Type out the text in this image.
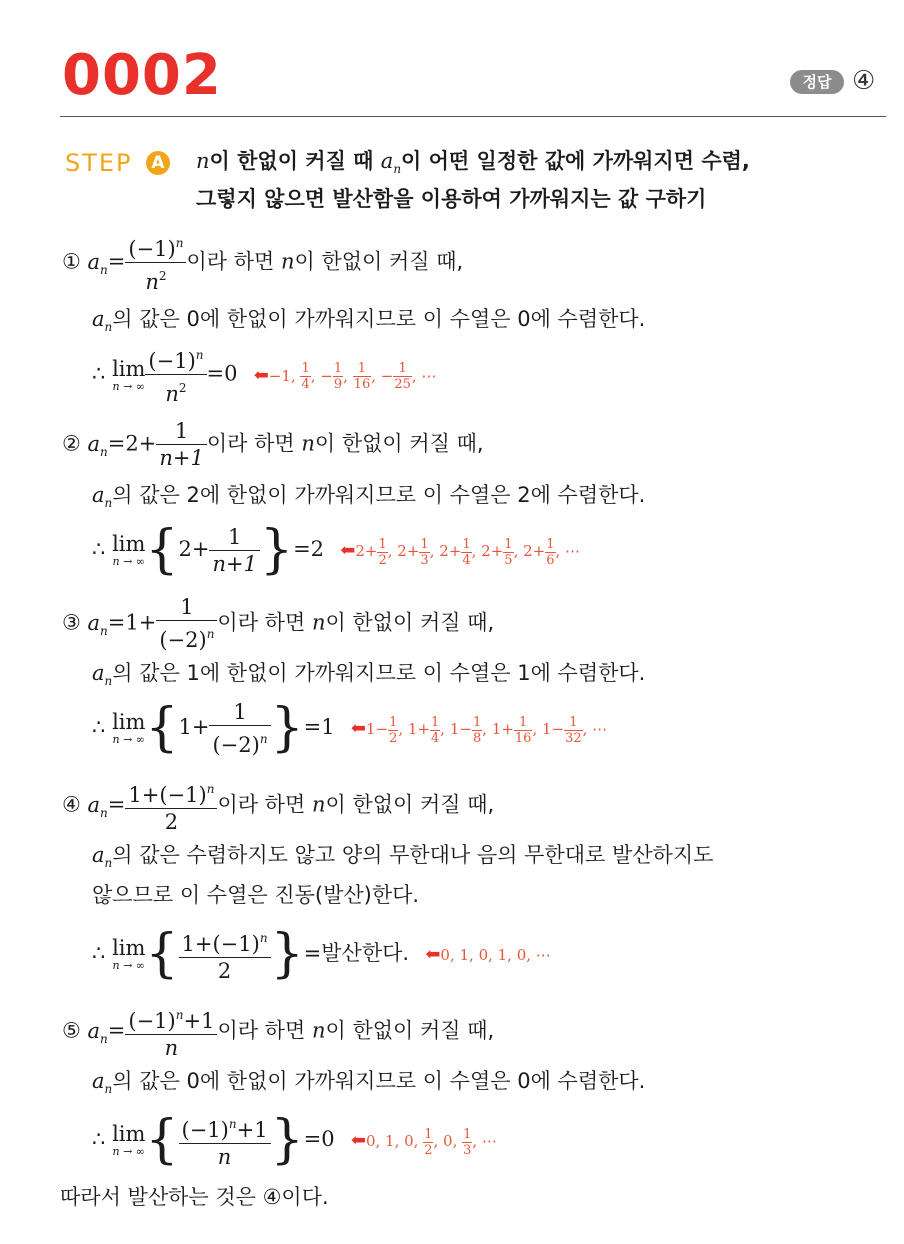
0002	정답 ④
STEP	A n이 한없이 커질 때 $a_n$이 어떤 일정한 값에 가까워지면 수렴,
그렇지 않으면 발산함을 이용하여 가까워지는 값 구하기
① $a_n= \frac{(-1)^n}{n^2}$ 이라 하면 n이 한없이 커질 때,
$a_n$의 값은 0에 한없이 가까워지므로 이 수열은 0에 수렴한다.
∴ lim
n → ∞ $\frac{(-1)^n}{n^2} =0$ ⬅−1, $\frac{1}{4}$ , − $\frac{1}{9}$ , $\frac{1}{16}$ , − $\frac{1}{25}$ , ⋯
② $a_n=2+ \frac{1}{n+1}$ 이라 하면 n이 한없이 커질 때,
$a_n$의 값은 2에 한없이 가까워지므로 이 수열은 2에 수렴한다.
∴ lim
n → ∞ $\{2+ \frac{1}{n+1} \}=2$ ⬅2+ $\frac{1}{2}$ , $2+ \frac{1}{3}$ , $2+ \frac{1}{4}$ , $2+ \frac{1}{5}$ , $2+ \frac{1}{6}$ , ⋯
③ $a_n=1+ \frac{1}{(-2)^n}$ 이라 하면 n이 한없이 커질 때,
$a_n$의 값은 1에 한없이 가까워지므로 이 수열은 1에 수렴한다.
∴ lim
n → ∞ $\{1+ \frac{1}{(-2)^n} \}=1$ ⬅1− $\frac{1}{2}$ , $1+ \frac{1}{4}$ , $1- \frac{1}{8}$ , $1+ \frac{1}{16}$ , $1- \frac{1}{32}$ , ⋯
④ $a_n= \frac{1+(-1)^n}{2}$ 이라 하면 n이 한없이 커질 때,
$a_n$의 값은 수렴하지도 않고 양의 무한대나 음의 무한대로 발산하지도
않으므로 이 수열은 진동(발산)한다.
∴ lim
n → ∞ { $\frac{1+(-1)^n}{2}$ }=발산한다. ⬅0, 1, 0, 1, 0, ⋯
⑤ $a_n= \frac{(-1)^n+1}{n}$ 이라 하면 n이 한없이 커질 때,
$a_n$의 값은 0에 한없이 가까워지므로 이 수열은 0에 수렴한다.
∴ lim
n → ∞ { $\frac{(-1)^n+1}{n} \}=0$ ⬅0, 1, 0, $\frac{1}{2}$ , 0, $\frac{1}{3}$ , ⋯
따라서 발산하는 것은 ④이다.
